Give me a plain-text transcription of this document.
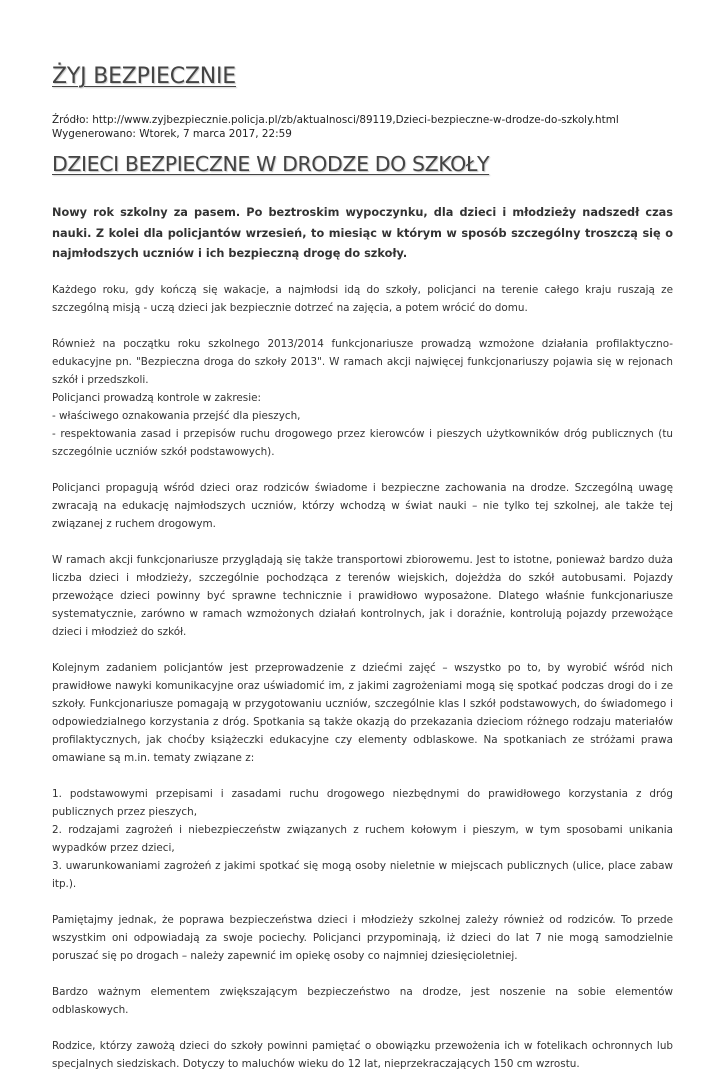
ŻYJ BEZPIECZNIE
Źródło: http://www.zyjbezpiecznie.policja.pl/zb/aktualnosci/89119,Dzieci-bezpieczne-w-drodze-do-szkoly.html
Wygenerowano: Wtorek, 7 marca 2017, 22:59
DZIECI BEZPIECZNE W DRODZE DO SZKOŁY

Nowy rok szkolny za pasem. Po beztroskim wypoczynku, dla dzieci i młodzieży nadszedł czas nauki. Z kolei dla policjantów wrzesień, to miesiąc w którym w sposób szczególny troszczą się o najmłodszych uczniów i ich bezpieczną drogę do szkoły.

Każdego roku, gdy kończą się wakacje, a najmłodsi idą do szkoły, policjanci na terenie całego kraju ruszają ze szczególną misją - uczą dzieci jak bezpiecznie dotrzeć na zajęcia, a potem wrócić do domu.

Również na początku roku szkolnego 2013/2014 funkcjonariusze prowadzą wzmożone działania profilaktyczno-edukacyjne pn. "Bezpieczna droga do szkoły 2013". W ramach akcji najwięcej funkcjonariuszy pojawia się w rejonach szkół i przedszkoli.
Policjanci prowadzą kontrole w zakresie:
- właściwego oznakowania przejść dla pieszych,
- respektowania zasad i przepisów ruchu drogowego przez kierowców i pieszych użytkowników dróg publicznych (tu szczególnie uczniów szkół podstawowych).

Policjanci propagują wśród dzieci oraz rodziców świadome i bezpieczne zachowania na drodze. Szczególną uwagę zwracają na edukację najmłodszych uczniów, którzy wchodzą w świat nauki – nie tylko tej szkolnej, ale także tej związanej z ruchem drogowym.

W ramach akcji funkcjonariusze przyglądają się także transportowi zbiorowemu. Jest to istotne, ponieważ bardzo duża liczba dzieci i młodzieży, szczególnie pochodząca z terenów wiejskich, dojeżdża do szkół autobusami. Pojazdy przewożące dzieci powinny być sprawne technicznie i prawidłowo wyposażone. Dlatego właśnie funkcjonariusze systematycznie, zarówno w ramach wzmożonych działań kontrolnych, jak i doraźnie, kontrolują pojazdy przewożące dzieci i młodzież do szkół.

Kolejnym zadaniem policjantów jest przeprowadzenie z dziećmi zajęć – wszystko po to, by wyrobić wśród nich prawidłowe nawyki komunikacyjne oraz uświadomić im, z jakimi zagrożeniami mogą się spotkać podczas drogi do i ze szkoły. Funkcjonariusze pomagają w przygotowaniu uczniów, szczególnie klas I szkół podstawowych, do świadomego i odpowiedzialnego korzystania z dróg. Spotkania są także okazją do przekazania dzieciom różnego rodzaju materiałów profilaktycznych, jak choćby książeczki edukacyjne czy elementy odblaskowe. Na spotkaniach ze stróżami prawa omawiane są m.in. tematy związane z:

1. podstawowymi przepisami i zasadami ruchu drogowego niezbędnymi do prawidłowego korzystania z dróg publicznych przez pieszych,
2. rodzajami zagrożeń i niebezpieczeństw związanych z ruchem kołowym i pieszym, w tym sposobami unikania wypadków przez dzieci,
3. uwarunkowaniami zagrożeń z jakimi spotkać się mogą osoby nieletnie w miejscach publicznych (ulice, place zabaw itp.).

Pamiętajmy jednak, że poprawa bezpieczeństwa dzieci i młodzieży szkolnej zależy również od rodziców. To przede wszystkim oni odpowiadają za swoje pociechy. Policjanci przypominają, iż dzieci do lat 7 nie mogą samodzielnie poruszać się po drogach – należy zapewnić im opiekę osoby co najmniej dziesięcioletniej.

Bardzo ważnym elementem zwiększającym bezpieczeństwo na drodze, jest noszenie na sobie elementów odblaskowych.

Rodzice, którzy zawożą dzieci do szkoły powinni pamiętać o obowiązku przewożenia ich w fotelikach ochronnych lub specjalnych siedziskach. Dotyczy to maluchów wieku do 12 lat, nieprzekraczających 150 cm wzrostu.
